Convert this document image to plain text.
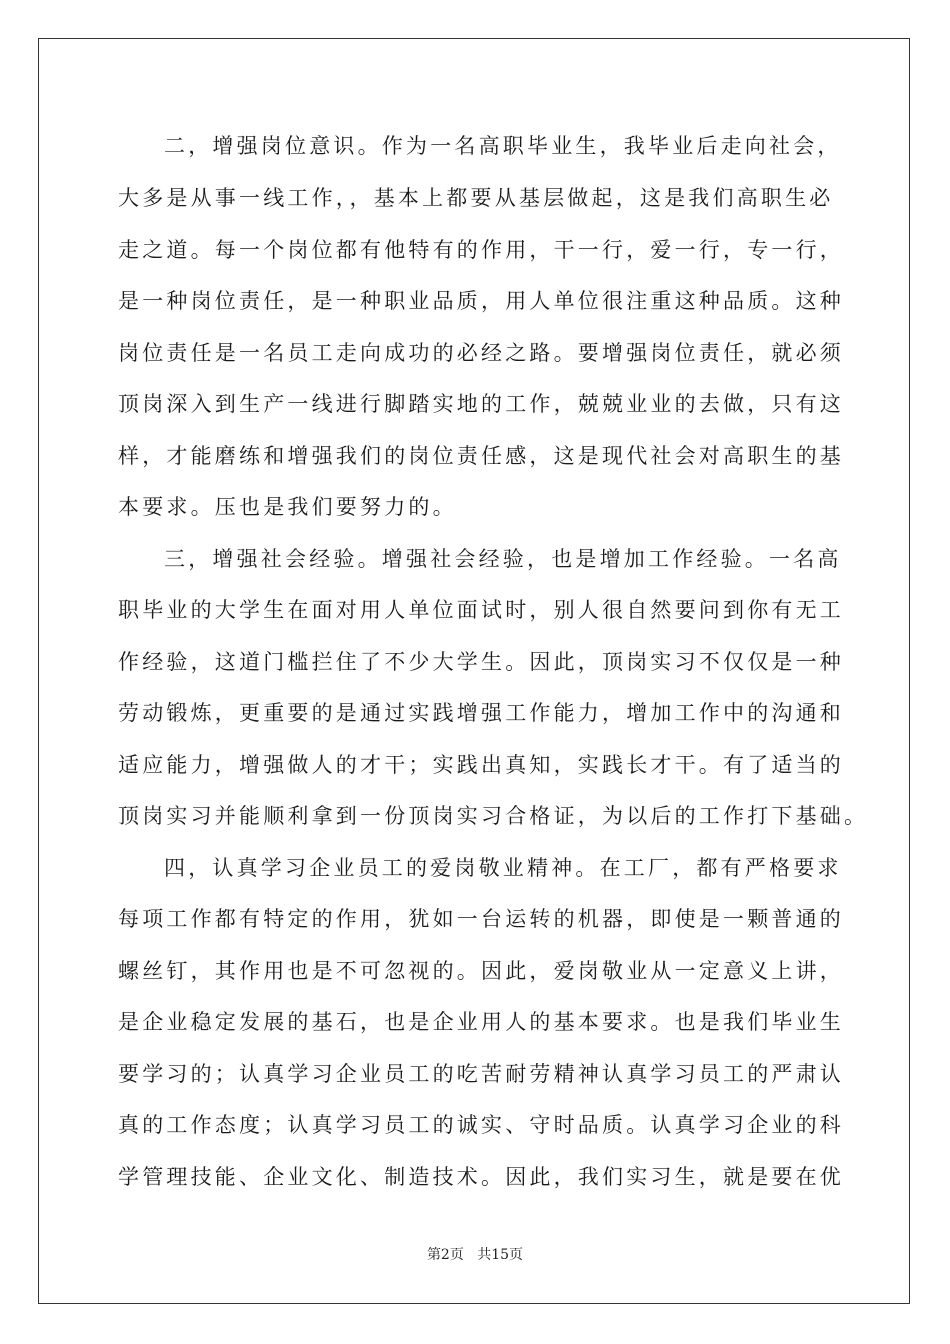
二，增强岗位意识。作为一名高职毕业生，我毕业后走向社会，
大多是从事一线工作，，基本上都要从基层做起，这是我们高职生必
走之道。每一个岗位都有他特有的作用，干一行，爱一行，专一行，
是一种岗位责任，是一种职业品质，用人单位很注重这种品质。这种
岗位责任是一名员工走向成功的必经之路。要增强岗位责任，就必须
顶岗深入到生产一线进行脚踏实地的工作，兢兢业业的去做，只有这
样，才能磨练和增强我们的岗位责任感，这是现代社会对高职生的基
本要求。压也是我们要努力的。
三，增强社会经验。增强社会经验，也是增加工作经验。一名高
职毕业的大学生在面对用人单位面试时，别人很自然要问到你有无工
作经验，这道门槛拦住了不少大学生。因此，顶岗实习不仅仅是一种
劳动锻炼，更重要的是通过实践增强工作能力，增加工作中的沟通和
适应能力，增强做人的才干；实践出真知，实践长才干。有了适当的
顶岗实习并能顺利拿到一份顶岗实习合格证，为以后的工作打下基础。
四，认真学习企业员工的爱岗敬业精神。在工厂，都有严格要求
每项工作都有特定的作用，犹如一台运转的机器，即使是一颗普通的
螺丝钉，其作用也是不可忽视的。因此，爱岗敬业从一定意义上讲，
是企业稳定发展的基石，也是企业用人的基本要求。也是我们毕业生
要学习的；认真学习企业员工的吃苦耐劳精神认真学习员工的严肃认
真的工作态度；认真学习员工的诚实、守时品质。认真学习企业的科
学管理技能、企业文化、制造技术。因此，我们实习生，就是要在优
第2页 共15页
